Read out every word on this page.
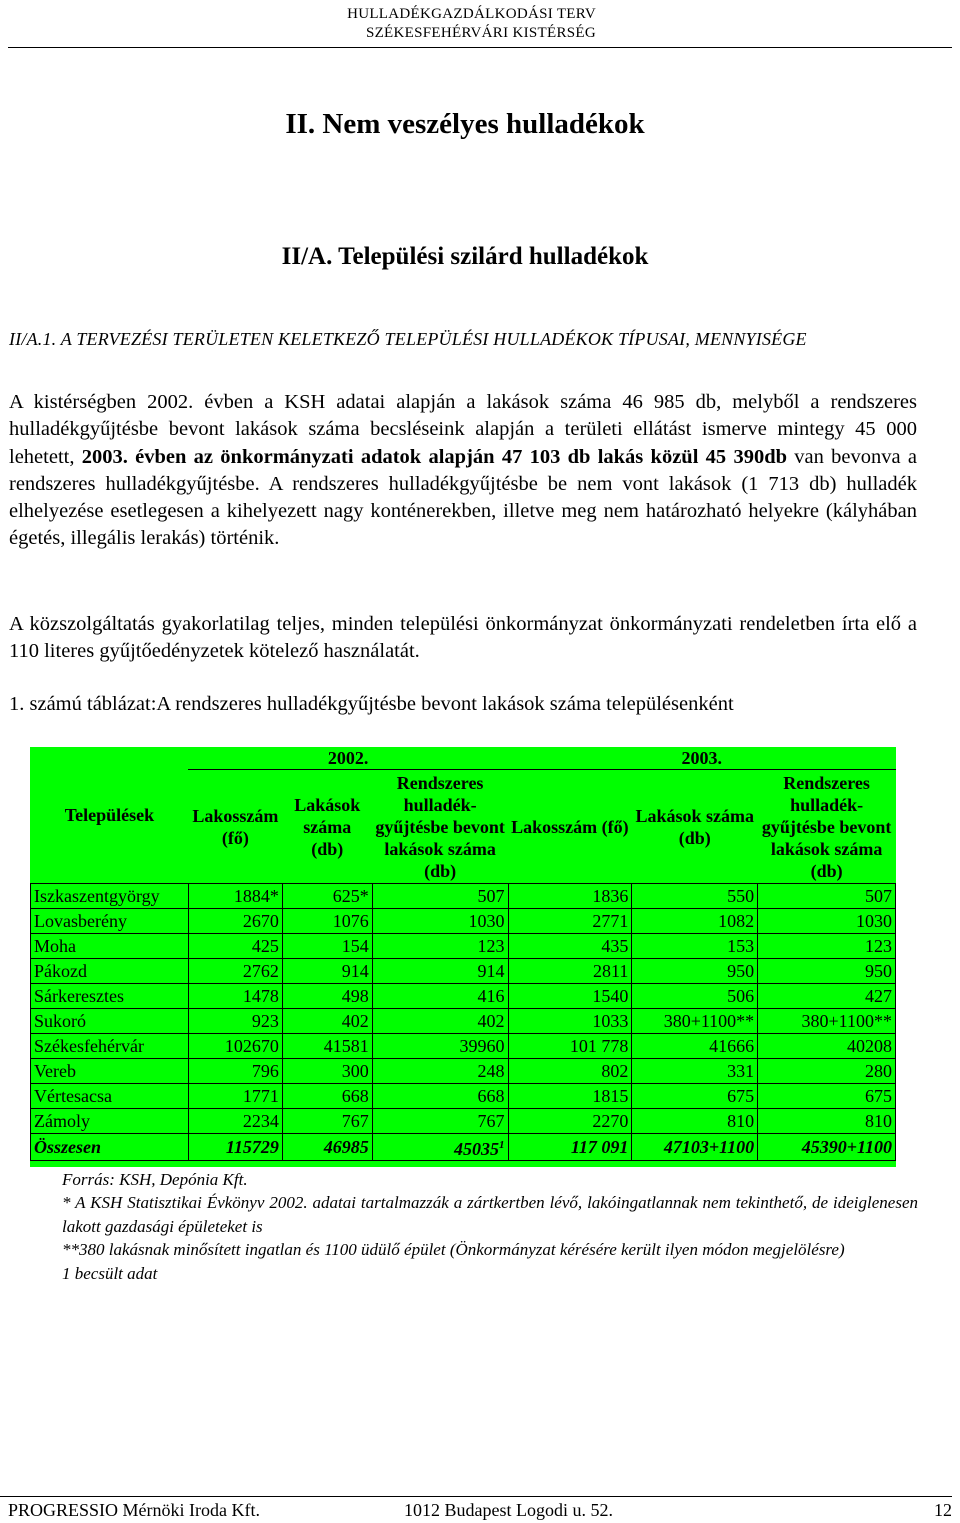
HULLADÉKGAZDÁLKODÁSI TERV
SZÉKESFEHÉRVÁRI KISTÉRSÉG
II. Nem veszélyes hulladékok
II/A. Települési szilárd hulladékok
II/A.1. A TERVEZÉSI TERÜLETEN KELETKEZŐ TELEPÜLÉSI HULLADÉKOK TÍPUSAI, MENNYISÉGE
A kistérségben 2002. évben a KSH adatai alapján a lakások száma 46 985 db, melyből a rendszeres hulladékgyűjtésbe bevont lakások száma becsléseink alapján a területi ellátást ismerve mintegy 45 000 lehetett, 2003. évben az önkormányzati adatok alapján 47 103 db lakás közül 45 390db van bevonva a rendszeres hulladékgyűjtésbe. A rendszeres hulladékgyűjtésbe be nem vont lakások (1 713 db) hulladék elhelyezése esetlegesen a kihelyezett nagy konténerekben, illetve meg nem határozható helyekre (kályhában égetés, illegális lerakás) történik.
A közszolgáltatás gyakorlatilag teljes, minden települési önkormányzat önkormányzati rendeletben írta elő a 110 literes gyűjtőedényzetek kötelező használatát.
1. számú táblázat:A rendszeres hulladékgyűjtésbe bevont lakások száma településenként
Települések	2002.			2003.		
	Lakosszám (fő)	Lakások száma (db)	Rendszeres hulladék-gyűjtésbe bevont lakások száma (db)	Lakosszám (fő)	Lakások száma (db)	Rendszeres hulladék-gyűjtésbe bevont lakások száma (db)
Iszkaszentgyörgy	1884*	625*	507	1836	550	507
Lovasberény	2670	1076	1030	2771	1082	1030
Moha	425	154	123	435	153	123
Pákozd	2762	914	914	2811	950	950
Sárkeresztes	1478	498	416	1540	506	427
Sukoró	923	402	402	1033	380+1100**	380+1100**
Székesfehérvár	102670	41581	39960	101 778	41666	40208
Vereb	796	300	248	802	331	280
Vértesacsa	1771	668	668	1815	675	675
Zámoly	2234	767	767	2270	810	810
Összesen	115729	46985	45035$^1$	117 091	47103+1100	45390+1100
Forrás: KSH, Depónia Kft.
* A KSH Statisztikai Évkönyv 2002. adatai tartalmazzák a zártkertben lévő, lakóingatlannak nem tekinthető, de ideiglenesen lakott gazdasági épületeket is
**380 lakásnak minősített ingatlan és 1100 üdülő épület (Önkormányzat kérésére került ilyen módon megjelölésre)
1 becsült adat
PROGRESSIO Mérnöki Iroda Kft.	1012 Budapest Logodi u. 52.	12
